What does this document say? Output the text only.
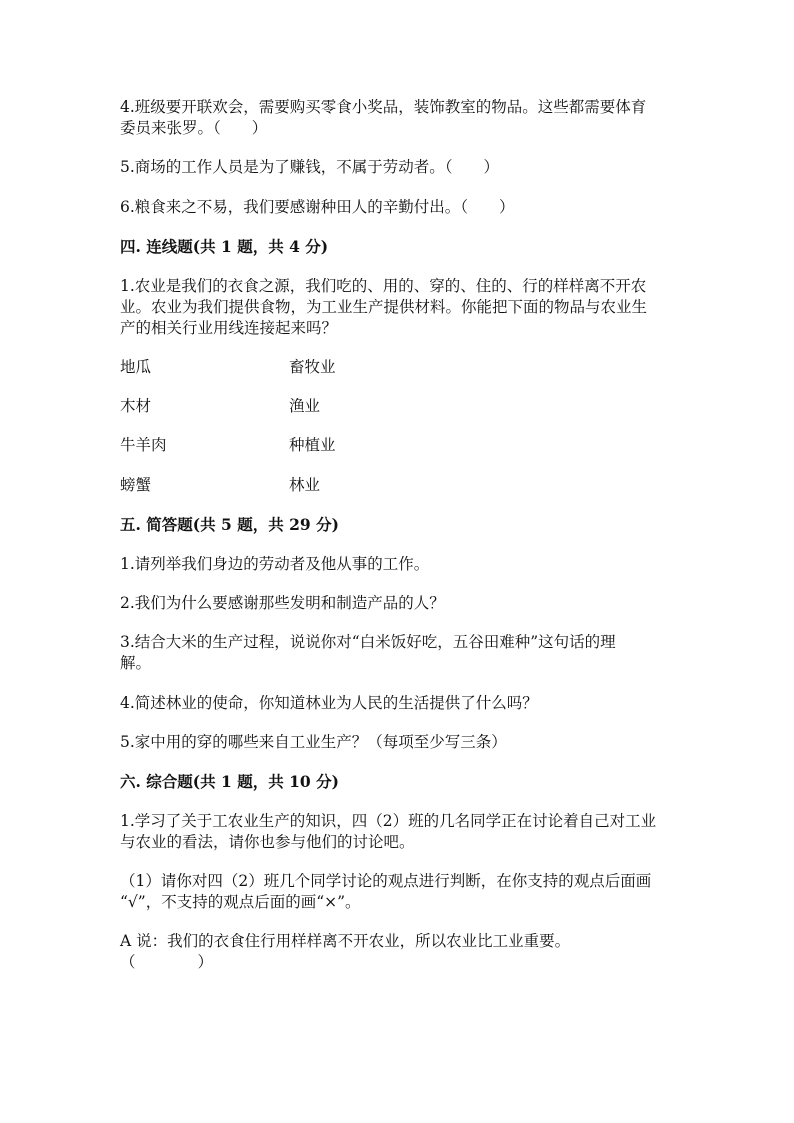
4.班级要开联欢会，需要购买零食小奖品，装饰教室的物品。这些都需要体育
委员来张罗。（　　）
5.商场的工作人员是为了赚钱，不属于劳动者。（　　）
6.粮食来之不易，我们要感谢种田人的辛勤付出。（　　）
四. 连线题(共 1 题，共 4 分)
1.农业是我们的衣食之源，我们吃的、用的、穿的、住的、行的样样离不开农
业。农业为我们提供食物，为工业生产提供材料。你能把下面的物品与农业生
产的相关行业用线连接起来吗？
地瓜	畜牧业
木材	渔业
牛羊肉	种植业
螃蟹	林业
五. 简答题(共 5 题，共 29 分)
1.请列举我们身边的劳动者及他从事的工作。
2.我们为什么要感谢那些发明和制造产品的人？
3.结合大米的生产过程，说说你对“白米饭好吃，五谷田难种”这句话的理
解。
4.简述林业的使命，你知道林业为人民的生活提供了什么吗？
5.家中用的穿的哪些来自工业生产？（每项至少写三条）
六. 综合题(共 1 题，共 10 分)
1.学习了关于工农业生产的知识，四（2）班的几名同学正在讨论着自己对工业
与农业的看法，请你也参与他们的讨论吧。
（1）请你对四（2）班几个同学讨论的观点进行判断，在你支持的观点后面画
“√”，不支持的观点后面的画“×”。
A 说：我们的衣食住行用样样离不开农业，所以农业比工业重要。
（　　　　）
